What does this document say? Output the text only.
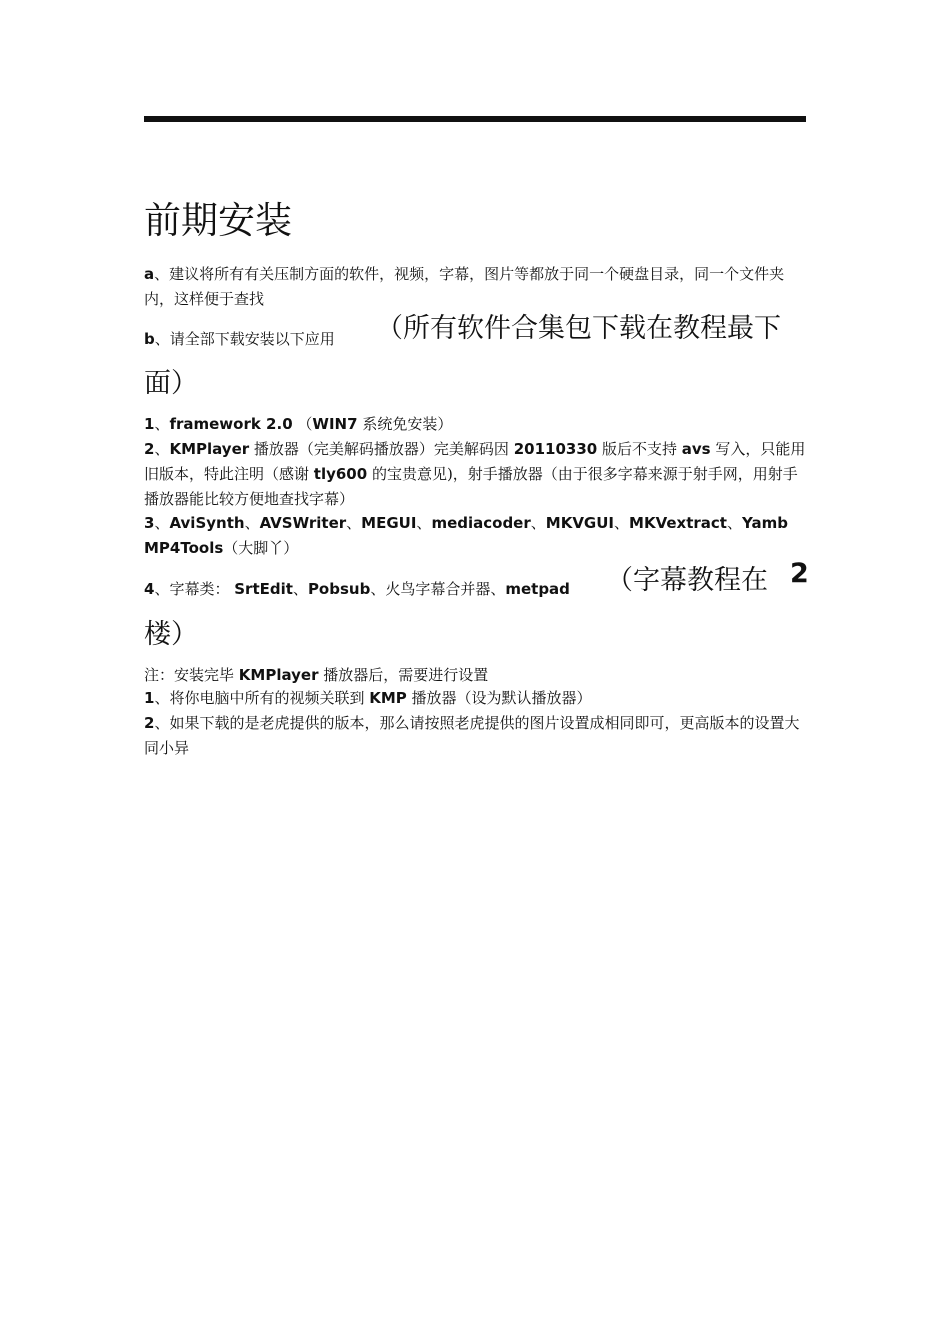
前期安装
a、建议将所有有关压制方面的软件，视频，字幕，图片等都放于同一个硬盘目录，同一个文件夹内，这样便于查找
b、请全部下载安装以下应用 （所有软件合集包下载在教程最下
面）
1、framework 2.0 （WIN7 系统免安装）
2、KMPlayer 播放器（完美解码播放器）完美解码因 20110330 版后不支持 avs 写入，只能用旧版本，特此注明（感谢 tly600 的宝贵意见)，射手播放器（由于很多字幕来源于射手网，用射手播放器能比较方便地查找字幕）
3、AviSynth、AVSWriter、MEGUI、mediacoder、MKVGUI、MKVextract、Yamb
MP4Tools（大脚丫）
4、字幕类： SrtEdit、Pobsub、火鸟字幕合并器、metpad （字幕教程在 2
楼）
注：安装完毕 KMPlayer 播放器后，需要进行设置
1、将你电脑中所有的视频关联到 KMP 播放器（设为默认播放器）
2、如果下载的是老虎提供的版本，那么请按照老虎提供的图片设置成相同即可，更高版本的设置大同小异
